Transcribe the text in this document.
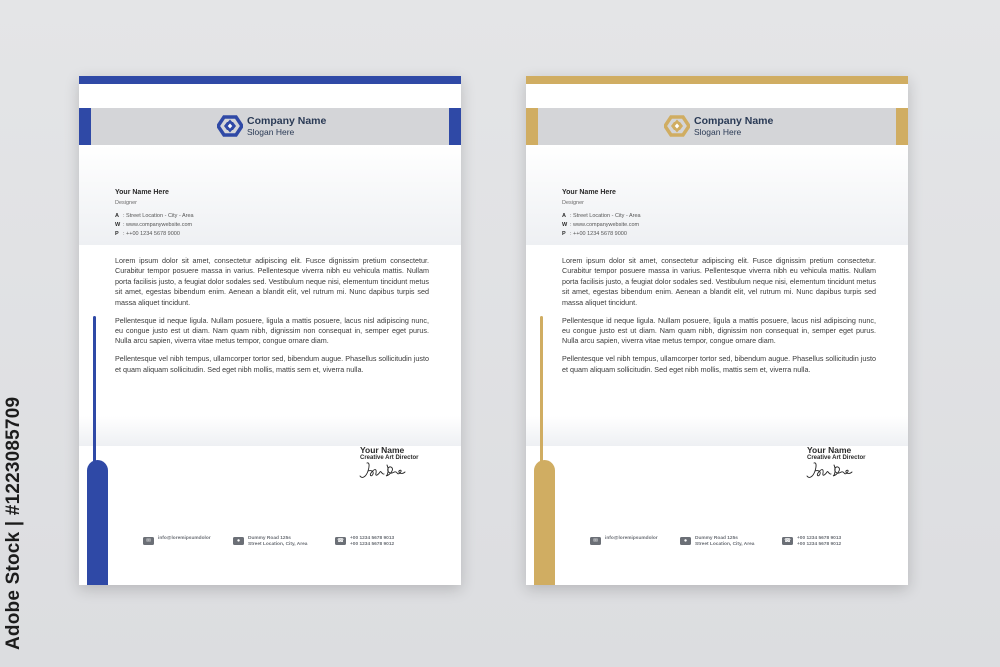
Adobe Stock | #1223085709
Company Name
Slogan Here
Your Name Here
Designer
A : Street Location - City - Area
W : www.companywebsite.com
P : ++00 1234 5678 9000

Lorem ipsum dolor sit amet, consectetur adipiscing elit. Fusce dignissim pretium consectetur. Curabitur tempor posuere massa in varius. Pellentesque viverra nibh eu vehicula mattis. Nullam porta facilisis justo, a feugiat dolor sodales sed. Vestibulum neque nisi, elementum tincidunt metus sit amet, egestas bibendum enim. Aenean a blandit elit, vel rutrum mi. Nunc dapibus turpis sed massa aliquet tincidunt.

Pellentesque id neque ligula. Nullam posuere, ligula a mattis posuere, lacus nisl adipiscing nunc, eu congue justo est ut diam. Nam quam nibh, dignissim non consequat in, semper eget purus. Nulla arcu sapien, viverra vitae metus tempor, congue ornare diam.

Pellentesque vel nibh tempus, ullamcorper tortor sed, bibendum augue. Phasellus sollicitudin justo et quam aliquam sollicitudin. Sed eget nibh mollis, mattis sem et, viverra nulla.

Your Name
Creative Art Director
✉	info@loremipsumdolor	●	Dummy Road 125s
Street Location, City, Area
☎	+00 1234 5678 9013
+00 1234 5678 9012
Company Name
Slogan Here
Your Name Here
Designer
A : Street Location - City - Area
W : www.companywebsite.com
P : ++00 1234 5678 9000

Lorem ipsum dolor sit amet, consectetur adipiscing elit. Fusce dignissim pretium consectetur. Curabitur tempor posuere massa in varius. Pellentesque viverra nibh eu vehicula mattis. Nullam porta facilisis justo, a feugiat dolor sodales sed. Vestibulum neque nisi, elementum tincidunt metus sit amet, egestas bibendum enim. Aenean a blandit elit, vel rutrum mi. Nunc dapibus turpis sed massa aliquet tincidunt.

Pellentesque id neque ligula. Nullam posuere, ligula a mattis posuere, lacus nisl adipiscing nunc, eu congue justo est ut diam. Nam quam nibh, dignissim non consequat in, semper eget purus. Nulla arcu sapien, viverra vitae metus tempor, congue ornare diam.

Pellentesque vel nibh tempus, ullamcorper tortor sed, bibendum augue. Phasellus sollicitudin justo et quam aliquam sollicitudin. Sed eget nibh mollis, mattis sem et, viverra nulla.

Your Name
Creative Art Director
✉	info@loremipsumdolor	●	Dummy Road 125s
Street Location, City, Area
☎	+00 1234 5678 9013
+00 1234 5678 9012
